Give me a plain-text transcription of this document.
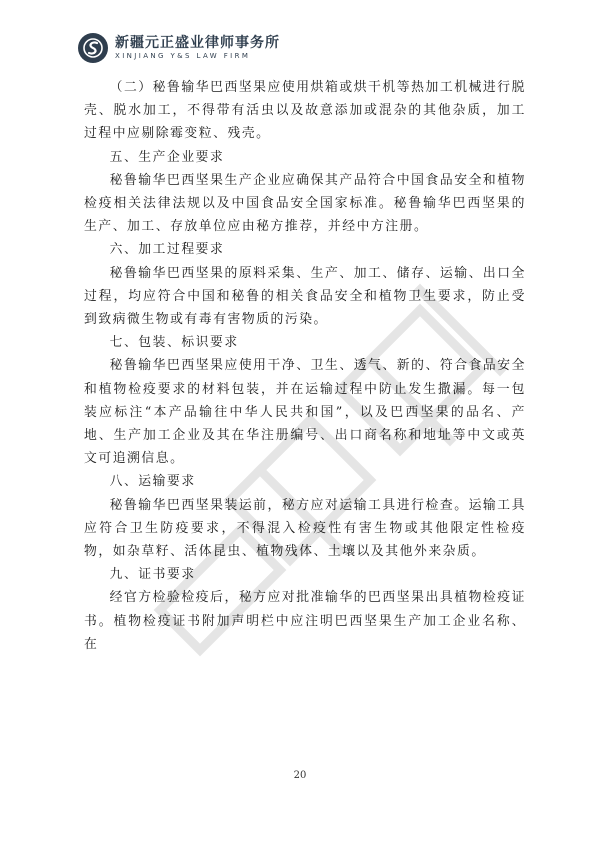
新疆元正盛业律师事务所
XINJIANG Y&S LAW FIRM

（二）秘鲁输华巴西坚果应使用烘箱或烘干机等热加工机械进行脱壳、脱水加工，不得带有活虫以及故意添加或混杂的其他杂质，加工过程中应剔除霉变粒、残壳。

五、生产企业要求

秘鲁输华巴西坚果生产企业应确保其产品符合中国食品安全和植物检疫相关法律法规以及中国食品安全国家标准。秘鲁输华巴西坚果的生产、加工、存放单位应由秘方推荐，并经中方注册。

六、加工过程要求

秘鲁输华巴西坚果的原料采集、生产、加工、储存、运输、出口全过程，均应符合中国和秘鲁的相关食品安全和植物卫生要求，防止受到致病微生物或有毒有害物质的污染。

七、包装、标识要求

秘鲁输华巴西坚果应使用干净、卫生、透气、新的、符合食品安全和植物检疫要求的材料包装，并在运输过程中防止发生撒漏。每一包装应标注“本产品输往中华人民共和国”，以及巴西坚果的品名、产地、生产加工企业及其在华注册编号、出口商名称和地址等中文或英文可追溯信息。

八、运输要求

秘鲁输华巴西坚果装运前，秘方应对运输工具进行检查。运输工具应符合卫生防疫要求，不得混入检疫性有害生物或其他限定性检疫物，如杂草籽、活体昆虫、植物残体、土壤以及其他外来杂质。

九、证书要求

经官方检验检疫后，秘方应对批准输华的巴西坚果出具植物检疫证书。植物检疫证书附加声明栏中应注明巴西坚果生产加工企业名称、在

20
